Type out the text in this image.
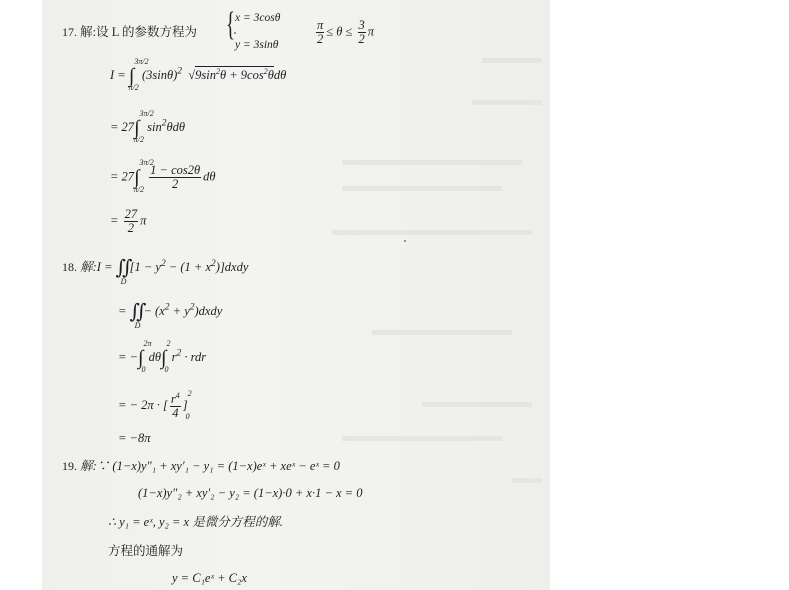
17. 解:设 L 的参数方程为 { x = 3cosθ
y = 3sinθ	$\frac{\pi}{2} \le \theta \le \frac{3}{2}$ π
I = ∫$^{3\pi/2}_{\pi/2}$ $(3\sin\theta)^2$  $√9\sin^2\theta + 9\cos^2\theta d\theta$
= 27∫$^{3\pi/2}_{\pi/2}$ $\sin^2\theta d\theta$
= $27\int^{3\pi/2}_{\pi/2} \frac{1 - \cos 2\theta}{2}$ dθ
= $\frac{27}{2}$ π
18. 解:I = $∬_D$ [$1 - y^2 - (1$ + $x^2)]dxdy$
= $∬_D - (x^2$ + $y^2)dxdy$
= −∫$^{2\pi}_0$ dθ∫$^2_0$ $r^2$ · rdr
= − 2π · [ $\frac{r^4}{4} ]^2_0$
= −8π
19. 解:∵ (1−x)y″₁ + xy′₁ − y₁ = (1−x)eˣ + xeˣ − eˣ = 0
(1−x)y″₂ + xy′₂ − y₂ = (1−x)·0 + x·1 − x = 0
∴ y₁ = eˣ, y₂ = x 是微分方程的解.
方程的通解为
y = C₁eˣ + C₂x
